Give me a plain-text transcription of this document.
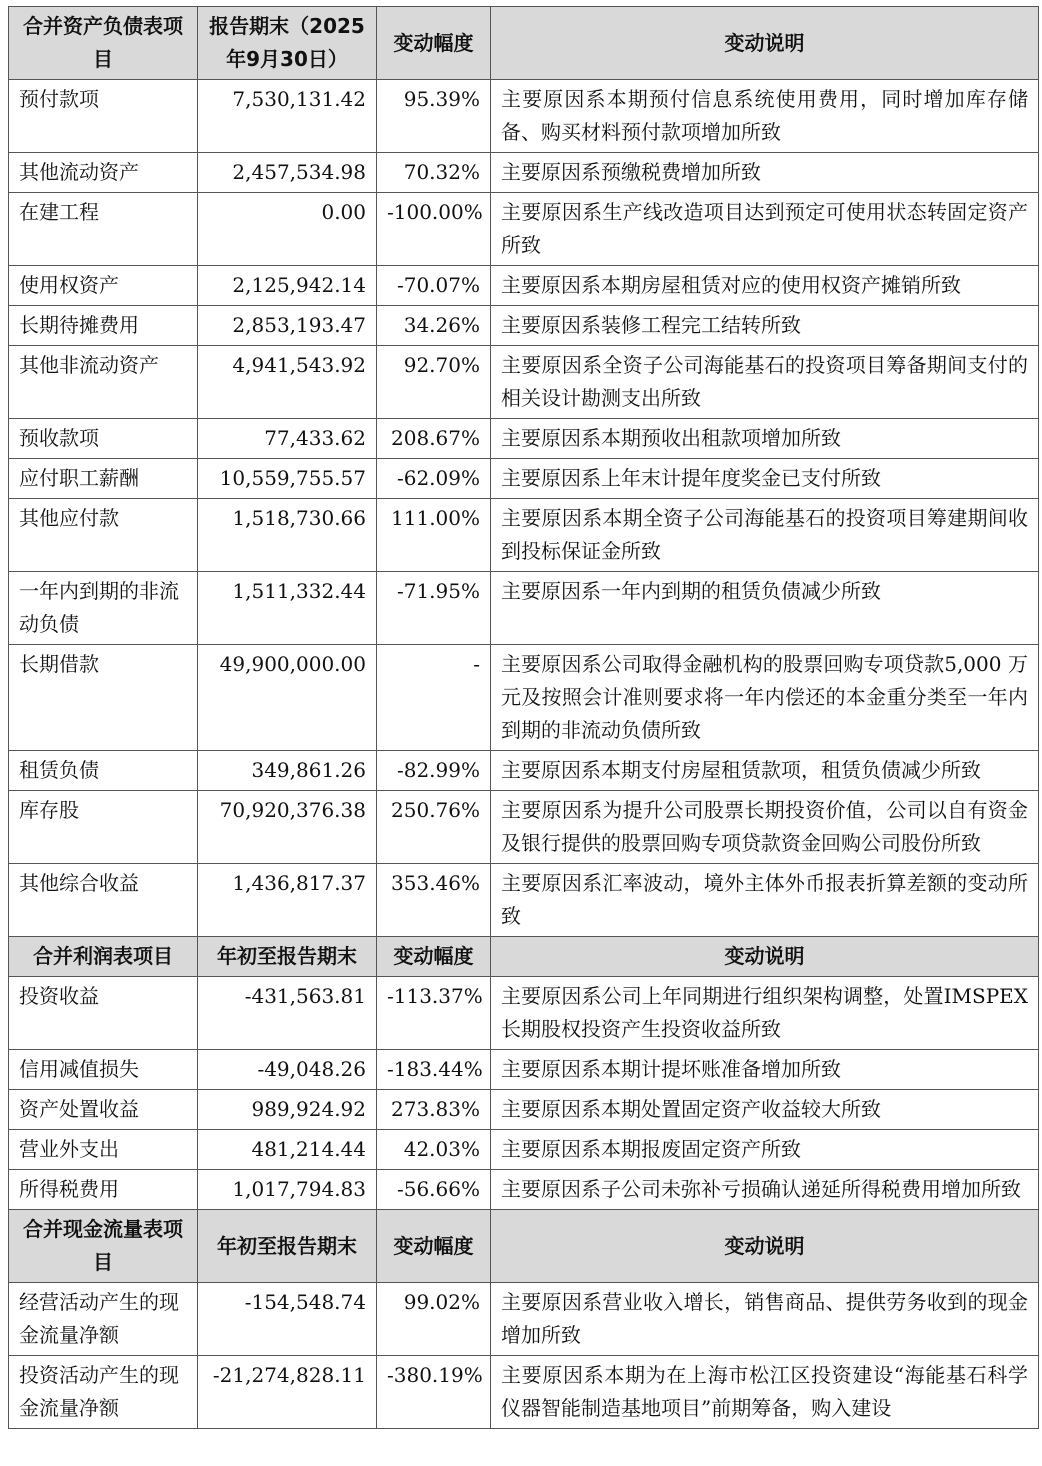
合并资产负债表项目	报告期末（2025年9月30日）	变动幅度	变动说明
预付款项	7,530,131.42	95.39%	主要原因系本期预付信息系统使用费用，同时增加库存储备、购买材料预付款项增加所致
其他流动资产	2,457,534.98	70.32%	主要原因系预缴税费增加所致
在建工程	0.00	-100.00%	主要原因系生产线改造项目达到预定可使用状态转固定资产所致
使用权资产	2,125,942.14	-70.07%	主要原因系本期房屋租赁对应的使用权资产摊销所致
长期待摊费用	2,853,193.47	34.26%	主要原因系装修工程完工结转所致
其他非流动资产	4,941,543.92	92.70%	主要原因系全资子公司海能基石的投资项目筹备期间支付的相关设计勘测支出所致
预收款项	77,433.62	208.67%	主要原因系本期预收出租款项增加所致
应付职工薪酬	10,559,755.57	-62.09%	主要原因系上年末计提年度奖金已支付所致
其他应付款	1,518,730.66	111.00%	主要原因系本期全资子公司海能基石的投资项目筹建期间收到投标保证金所致
一年内到期的非流动负债	1,511,332.44	-71.95%	主要原因系一年内到期的租赁负债减少所致
长期借款	49,900,000.00	-	主要原因系公司取得金融机构的股票回购专项贷款5,000 万元及按照会计准则要求将一年内偿还的本金重分类至一年内到期的非流动负债所致
租赁负债	349,861.26	-82.99%	主要原因系本期支付房屋租赁款项，租赁负债减少所致
库存股	70,920,376.38	250.76%	主要原因系为提升公司股票长期投资价值，公司以自有资金及银行提供的股票回购专项贷款资金回购公司股份所致
其他综合收益	1,436,817.37	353.46%	主要原因系汇率波动，境外主体外币报表折算差额的变动所致
合并利润表项目	年初至报告期末	变动幅度	变动说明
投资收益	-431,563.81	-113.37%	主要原因系公司上年同期进行组织架构调整，处置IMSPEX 长期股权投资产生投资收益所致
信用减值损失	-49,048.26	-183.44%	主要原因系本期计提坏账准备增加所致
资产处置收益	989,924.92	273.83%	主要原因系本期处置固定资产收益较大所致
营业外支出	481,214.44	42.03%	主要原因系本期报废固定资产所致
所得税费用	1,017,794.83	-56.66%	主要原因系子公司未弥补亏损确认递延所得税费用增加所致
合并现金流量表项目	年初至报告期末	变动幅度	变动说明
经营活动产生的现金流量净额	-154,548.74	99.02%	主要原因系营业收入增长，销售商品、提供劳务收到的现金增加所致
投资活动产生的现金流量净额	-21,274,828.11	-380.19%	主要原因系本期为在上海市松江区投资建设“海能基石科学仪器智能制造基地项目”前期筹备，购入建设
